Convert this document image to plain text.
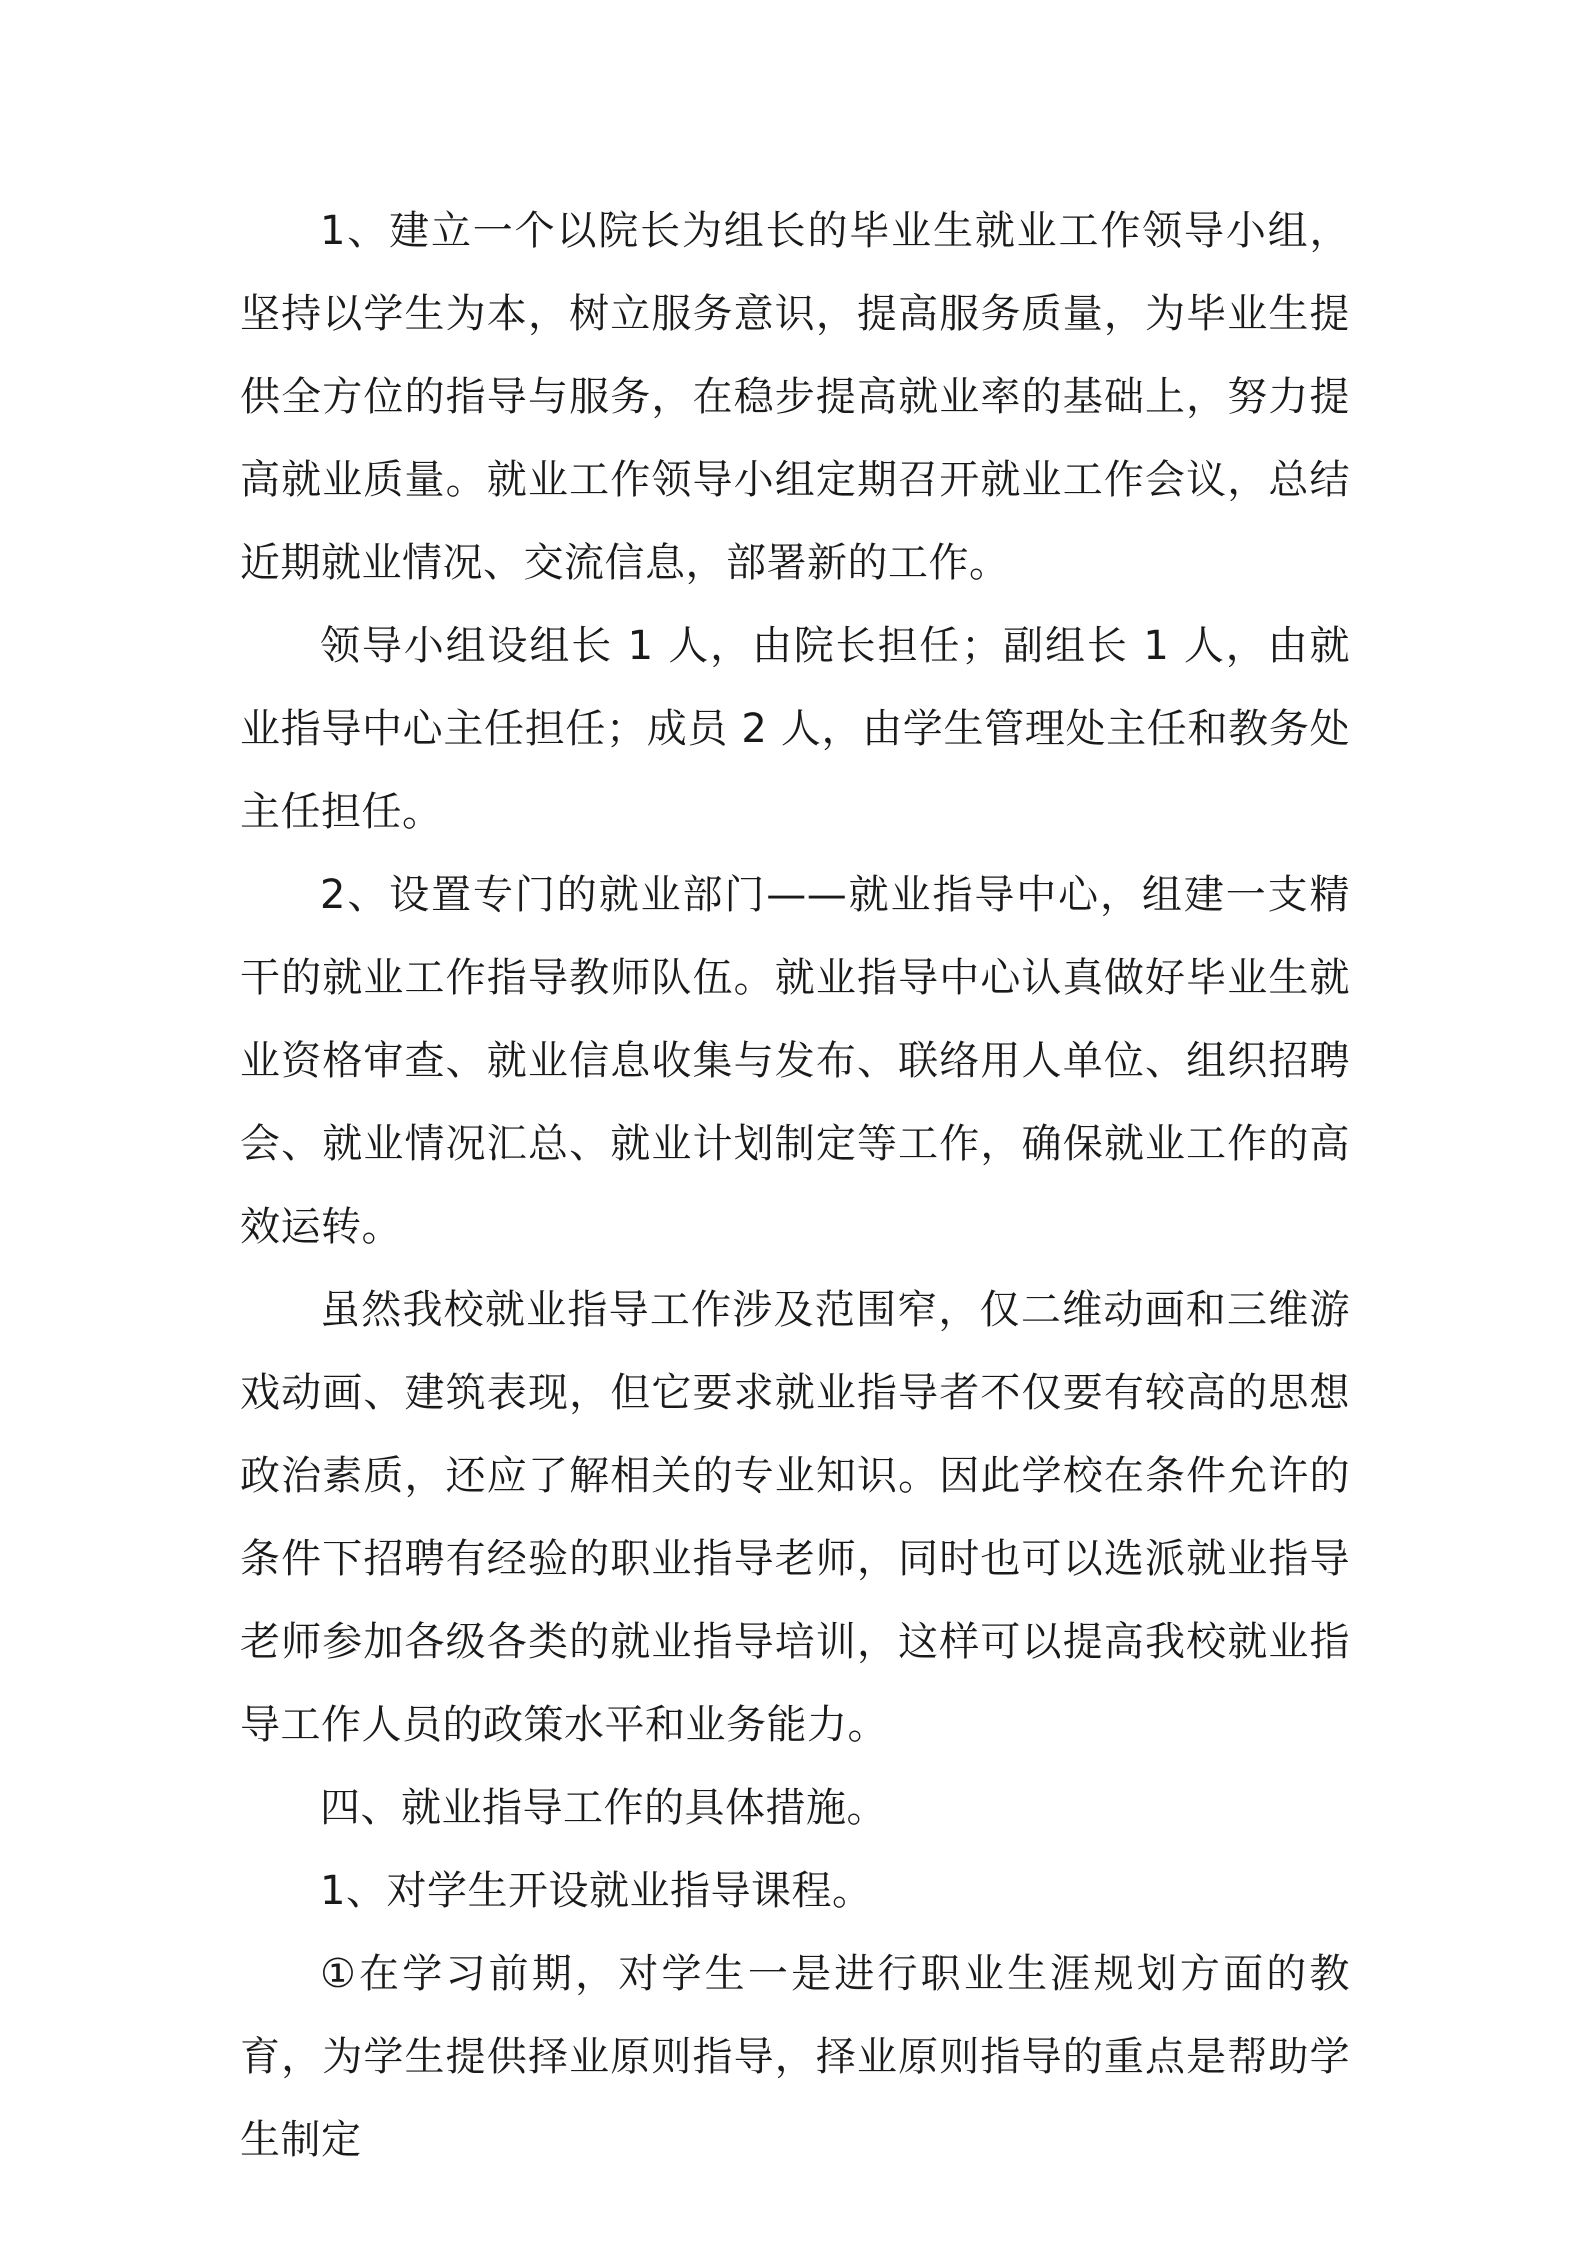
1、建立一个以院长为组长的毕业生就业工作领导小组，坚持以学生为本，树立服务意识，提高服务质量，为毕业生提供全方位的指导与服务，在稳步提高就业率的基础上，努力提高就业质量。就业工作领导小组定期召开就业工作会议，总结近期就业情况、交流信息，部署新的工作。

领导小组设组长 1 人，由院长担任；副组长 1 人，由就业指导中心主任担任；成员 2 人，由学生管理处主任和教务处主任担任。

2、设置专门的就业部门——就业指导中心，组建一支精干的就业工作指导教师队伍。就业指导中心认真做好毕业生就业资格审查、就业信息收集与发布、联络用人单位、组织招聘会、就业情况汇总、就业计划制定等工作，确保就业工作的高效运转。

虽然我校就业指导工作涉及范围窄，仅二维动画和三维游戏动画、建筑表现，但它要求就业指导者不仅要有较高的思想政治素质，还应了解相关的专业知识。因此学校在条件允许的条件下招聘有经验的职业指导老师，同时也可以选派就业指导老师参加各级各类的就业指导培训，这样可以提高我校就业指导工作人员的政策水平和业务能力。

四、就业指导工作的具体措施。

1、对学生开设就业指导课程。

①在学习前期，对学生一是进行职业生涯规划方面的教育，为学生提供择业原则指导，择业原则指导的重点是帮助学生制定
